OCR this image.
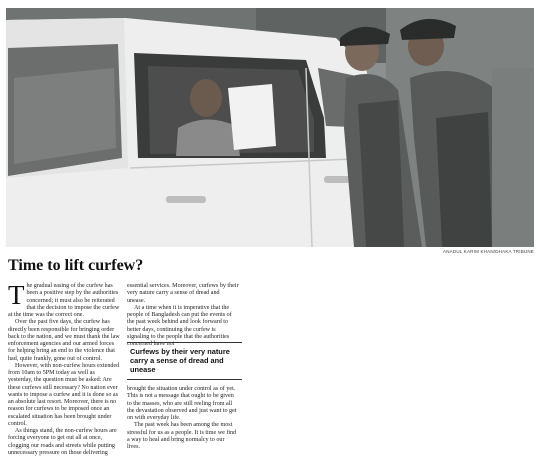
ANADUL KARIM KHAN/DHAKA TRIBUNE
Time to lift curfew?

The gradual easing of the curfew has been a positive step by the authorities concerned; it must also be reiterated that the decision to impose the curfew at the time was the correct one.

Over the past five days, the curfew has directly been responsible for bringing order back to the nation, and we must thank the law enforcement agencies and our armed forces for helping bring an end to the violence that had, quite frankly, gone out of control.

However, with non-curfew hours extended from 10am to 5PM today as well as yesterday, the question must be asked: Are these curfews still necessary? No nation ever wants to impose a curfew and it is done so as an absolute last resort. Moreover, there is no reason for curfews to be imposed once an escalated situation has been brought under control.

As things stand, the non-curfew hours are forcing everyone to get out all at once, clogging our roads and streets while putting unnecessary pressure on those delivering

essential services. Moreover, curfews by their very nature carry a sense of dread and unease.

At a time when it is imperative that the people of Bangladesh can put the events of the past week behind and look forward to better days, continuing the curfew is signaling to the people that the authorities concerned have not

brought the situation under control as of yet. This is not a message that ought to be given to the masses, who are still reeling from all the devastation observed and just want to get on with everyday life.

The past week has been among the most stressful for us as a people. It is time we find a way to heal and bring normalcy to our lives.

Curfews by their very nature carry a sense of dread and unease
